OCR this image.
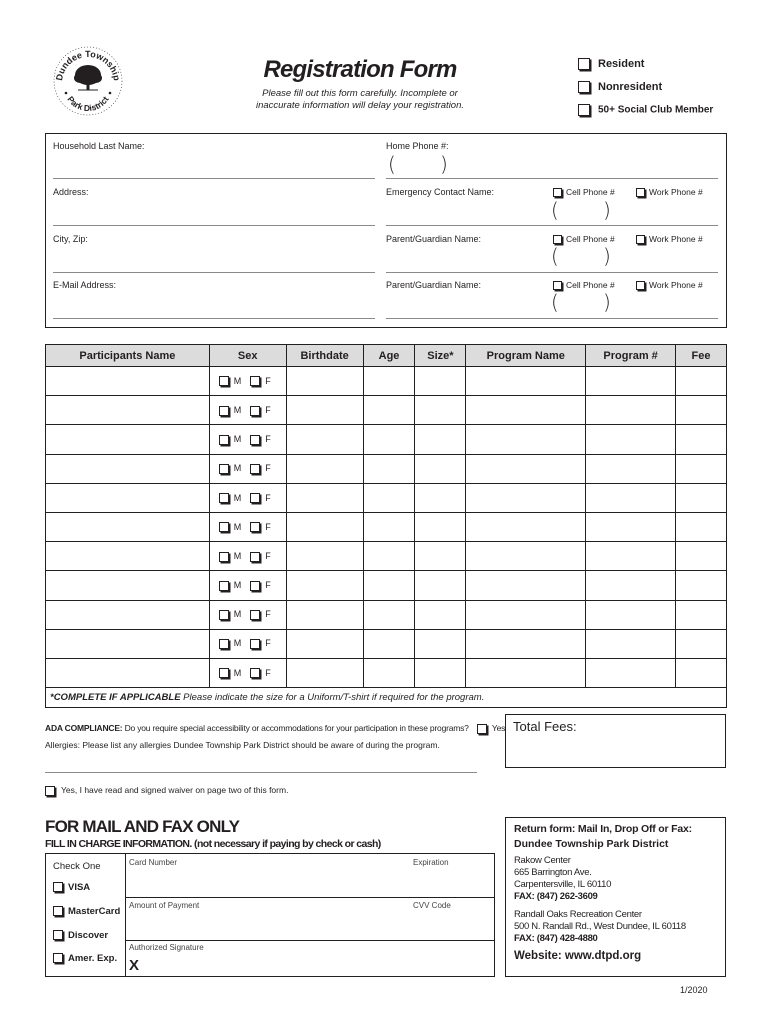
Dundee Township
Park District
Registration Form
Please fill out this form carefully. Incomplete or
inaccurate information will delay your registration.
Resident
Nonresident
50+ Social Club Member
Household Last Name:
Address:
City, Zip:
E-Mail Address:
Home Phone #:
( )
Emergency Contact Name:	Cell Phone #	Work Phone #
( )
Parent/Guardian Name:	Cell Phone #	Work Phone #
( )
Parent/Guardian Name:	Cell Phone #	Work Phone #
( )
Participants Name	Sex	Birthdate	Age	Size*	Program Name	Program #	Fee
	M F						
	M F						
	M F						
	M F						
	M F						
	M F						
	M F						
	M F						
	M F						
	M F						
	M F						
*COMPLETE IF APPLICABLE Please indicate the size for a Uniform/T-shirt if required for the program.							
ADA COMPLIANCE: Do you require special accessibility or accommodations for your participation in these programs?	Yes
Allergies: Please list any allergies Dundee Township Park District should be aware of during the program.
Total Fees:
Yes, I have read and signed waiver on page two of this form.
FOR MAIL AND FAX ONLY
FILL IN CHARGE INFORMATION. (not necessary if paying by check or cash)
Check One
VISA
MasterCard
Discover
Amer. Exp.
Card Number	Expiration
Amount of Payment	CVV Code
Authorized Signature
X
Return form: Mail In, Drop Off or Fax:
Dundee Township Park District
Rakow Center
665 Barrington Ave.
Carpentersville, IL 60110
FAX: (847) 262-3609
Randall Oaks Recreation Center
500 N. Randall Rd., West Dundee, IL 60118
FAX: (847) 428-4880
Website: www.dtpd.org
1/2020
